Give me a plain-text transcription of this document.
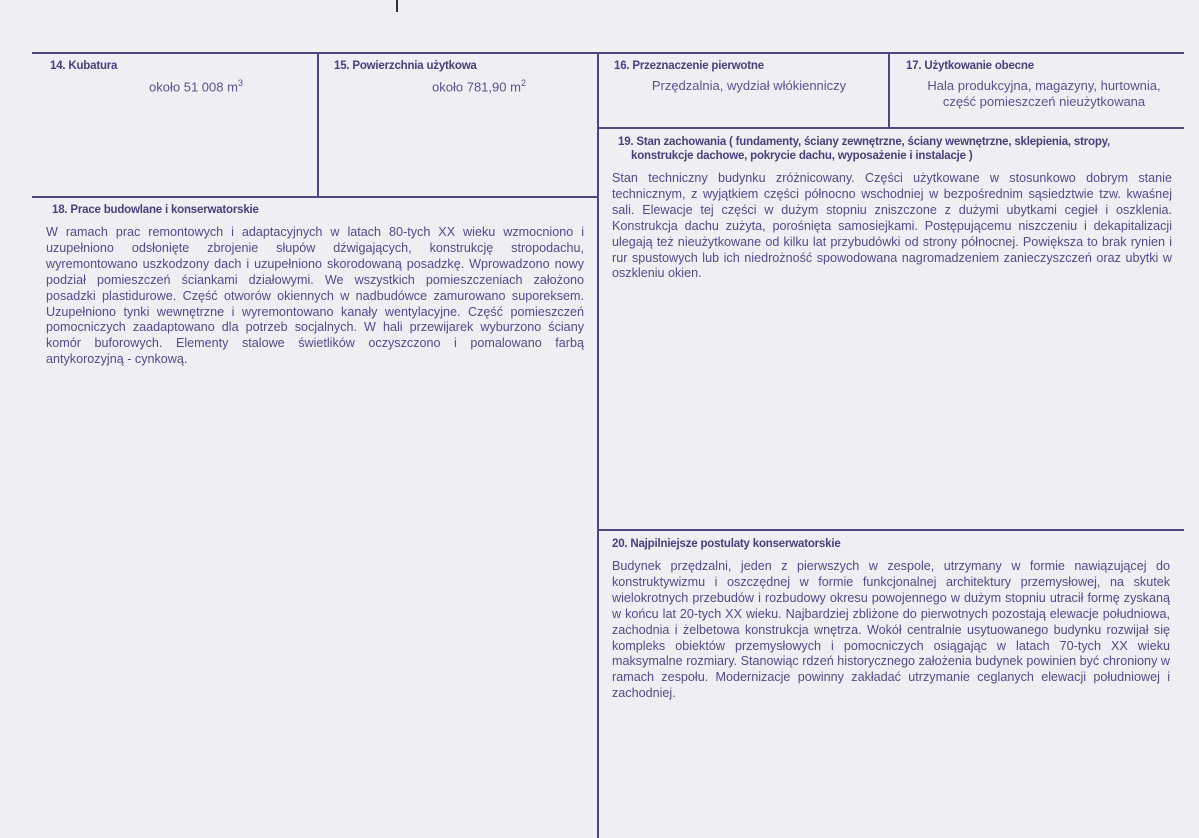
14. Kubatura
około 51 008 $m^3$
15. Powierzchnia użytkowa
około 781,90 $m^2$
16. Przeznaczenie pierwotne
Przędzalnia, wydział włókienniczy
17. Użytkowanie obecne
Hala produkcyjna, magazyny, hurtownia,
część pomieszczeń nieużytkowana
18. Prace budowlane i konserwatorskie
W ramach prac remontowych i adaptacyjnych w latach 80-tych XX wieku wzmocniono i uzupełniono odsłonięte zbrojenie słupów dźwigających, konstrukcję stropodachu, wyremontowano uszkodzony dach i uzupełniono skorodowaną posadzkę. Wprowadzono nowy podział pomieszczeń ściankami działowymi. We wszystkich pomieszczeniach założono posadzki plastidurowe. Część otworów okiennych w nadbudówce zamurowano suporeksem. Uzupełniono tynki wewnętrzne i wyremontowano kanały wentylacyjne. Część pomieszczeń pomocniczych zaadaptowano dla potrzeb socjalnych. W hali przewijarek wyburzono ściany komór buforowych. Elementy stalowe świetlików oczyszczono i pomalowano farbą antykorozyjną - cynkową.
19. Stan zachowania ( fundamenty, ściany zewnętrzne, ściany wewnętrzne, sklepienia, stropy,
konstrukcje dachowe, pokrycie dachu, wyposażenie i instalacje )
Stan techniczny budynku zróżnicowany. Części użytkowane w stosunkowo dobrym stanie technicznym, z wyjątkiem części północno wschodniej w bezpośrednim sąsiedztwie tzw. kwaśnej sali. Elewacje tej części w dużym stopniu zniszczone z dużymi ubytkami cegieł i oszklenia. Konstrukcja dachu zużyta, porośnięta samosiejkami. Postępującemu niszczeniu i dekapitalizacji ulegają też nieużytkowane od kilku lat przybudówki od strony północnej. Powiększa to brak rynien i rur spustowych lub ich niedrożność spowodowana nagromadzeniem zanieczyszczeń oraz ubytki w oszkleniu okien.
20. Najpilniejsze postulaty konserwatorskie
Budynek przędzalni, jeden z pierwszych w zespole, utrzymany w formie nawiązującej do konstruktywizmu i oszczędnej w formie funkcjonalnej architektury przemysłowej, na skutek wielokrotnych przebudów i rozbudowy okresu powojennego w dużym stopniu utracił formę zyskaną w końcu lat 20-tych XX wieku. Najbardziej zbliżone do pierwotnych pozostają elewacje południowa, zachodnia i żelbetowa konstrukcja wnętrza. Wokół centralnie usytuowanego budynku rozwijał się kompleks obiektów przemysłowych i pomocniczych osiągając w latach 70-tych XX wieku maksymalne rozmiary. Stanowiąc rdzeń historycznego założenia budynek powinien być chroniony w ramach zespołu. Modernizacje powinny zakładać utrzymanie ceglanych elewacji południowej i zachodniej.
